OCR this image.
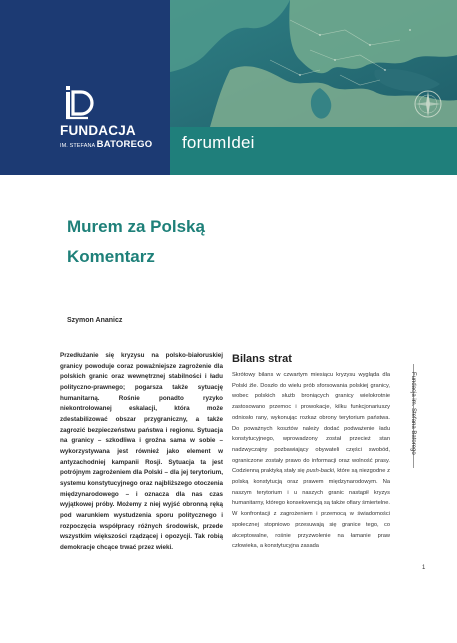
FUNDACJA
IM. STEFANA BATOREGO	forumIdei
Murem za Polską
Komentarz
Szymon Ananicz
Przedłużanie się kryzysu na polsko-białoruskiej granicy powoduje coraz poważniejsze zagrożenie dla polskich granic oraz wewnętrznej stabilności i ładu polityczno-prawnego; pogarsza także sytuację humanitarną. Rośnie ponadto ryzyko niekontrolowanej eskalacji, która może zdestabilizować obszar przygraniczny, a także zagrozić bezpieczeństwu państwa i regionu. Sytuacja na granicy – szkodliwa i groźna sama w sobie – wykorzystywana jest również jako element w antyzachodniej kampanii Rosji. Sytuacja ta jest potrójnym zagrożeniem dla Polski – dla jej terytorium, systemu konstytucyjnego oraz najbliższego otoczenia międzynarodowego – i oznacza dla nas czas wyjątkowej próby. Możemy z niej wyjść obronną ręką pod warunkiem wystudzenia sporu politycznego i rozpoczęcia współpracy różnych środowisk, przede wszystkim większości rządzącej i opozycji. Tak robią demokracje chcące trwać przez wieki.
Bilans strat
Skrótowy bilans w czwartym miesiącu kryzysu wygląda dla Polski źle. Doszło do wielu prób sforsowania polskiej granicy, wobec polskich służb broniących granicy wielokrotnie zastosowano przemoc i prowokacje, kilku funkcjonariuszy odniosło rany, wykonując rozkaz obrony terytorium państwa. Do poważnych kosztów należy dodać podważenie ładu konstytucyjnego, wprowadzony został przecież stan nadzwyczajny pozbawiający obywateli części swobód, ograniczone zostały prawo do informacji oraz wolność prasy. Codzienną praktyką stały się push-backi, które są niezgodne z polską konstytucją oraz prawem międzynarodowym. Na naszym terytorium i u naszych granic nastąpił kryzys humanitarny, którego konsekwencją są także ofiary śmiertelne. W konfrontacji z zagrożeniem i przemocą w świadomości społecznej stopniowo przesuwają się granice tego, co akceptowalne, rośnie przyzwolenie na łamanie praw człowieka, a konstytucyjna zasada
Fundacja im. Stefana Batorego
1
